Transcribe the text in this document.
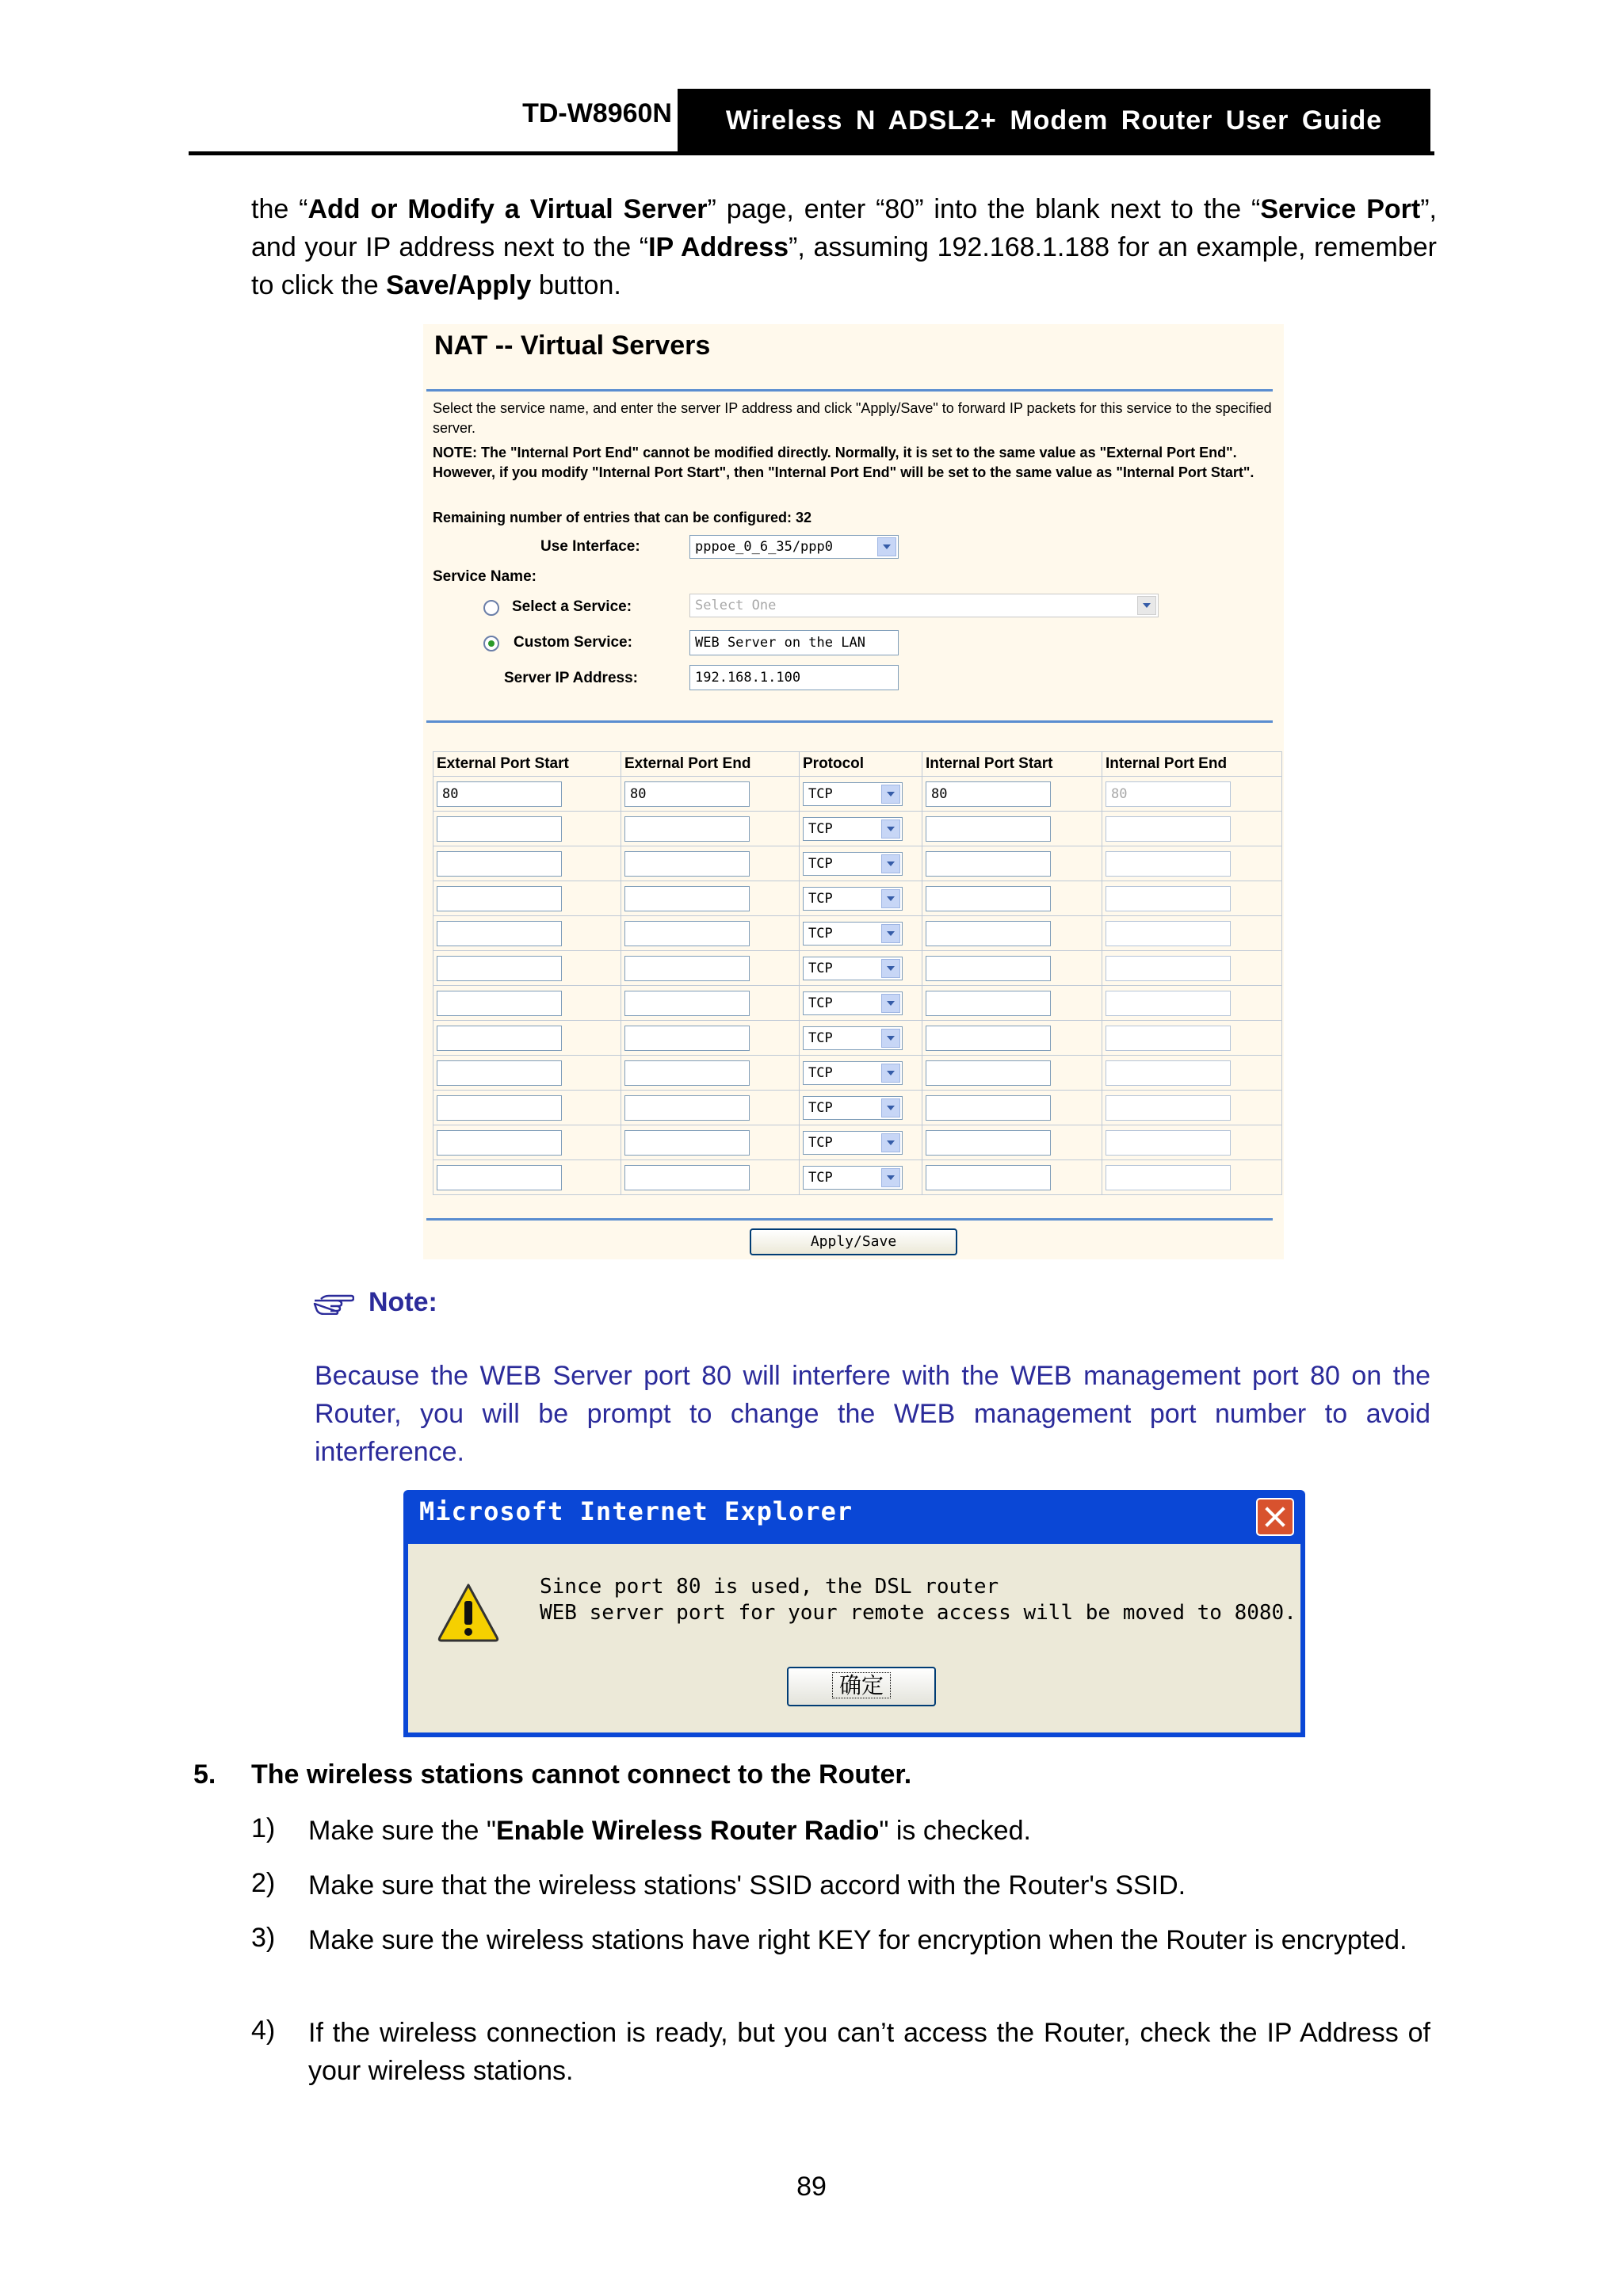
TD-W8960N	Wireless N ADSL2+ Modem Router User Guide
the “Add or Modify a Virtual Server” page, enter “80” into the blank next to the “Service Port”, and your IP address next to the “IP Address”, assuming 192.168.1.188 for an example, remember to click the Save/Apply button.
NAT -- Virtual Servers
Select the service name, and enter the server IP address and click "Apply/Save" to forward IP packets for this service to the specified server.
NOTE: The "Internal Port End" cannot be modified directly. Normally, it is set to the same value as "External Port End". However, if you modify "Internal Port Start", then "Internal Port End" will be set to the same value as "Internal Port Start".
Remaining number of entries that can be configured: 32
Use Interface:	pppoe_0_6_35/ppp0
Service Name:
Select a Service:	Select One
Custom Service:	WEB Server on the LAN
Server IP Address:	192.168.1.100
External Port Start	External Port End	Protocol	Internal Port Start	Internal Port End

80	80	TCP	80	80

		TCP		

		TCP		

		TCP		

		TCP		

		TCP		

		TCP		

		TCP		

		TCP		

		TCP		

		TCP		

		TCP		

Apply/Save
Note:
Because the WEB Server port 80 will interfere with the WEB management port 80 on the Router, you will be prompt to change the WEB management port number to avoid interference.
Microsoft Internet Explorer
Since port 80 is used, the DSL router
WEB server port for your remote access will be moved to 8080.
确定
5. The wireless stations cannot connect to the Router.
1) Make sure the "Enable Wireless Router Radio" is checked.
2) Make sure that the wireless stations' SSID accord with the Router's SSID.
3) Make sure the wireless stations have right KEY for encryption when the Router is encrypted.
4) If the wireless connection is ready, but you can’t access the Router, check the IP Address of your wireless stations.
89
